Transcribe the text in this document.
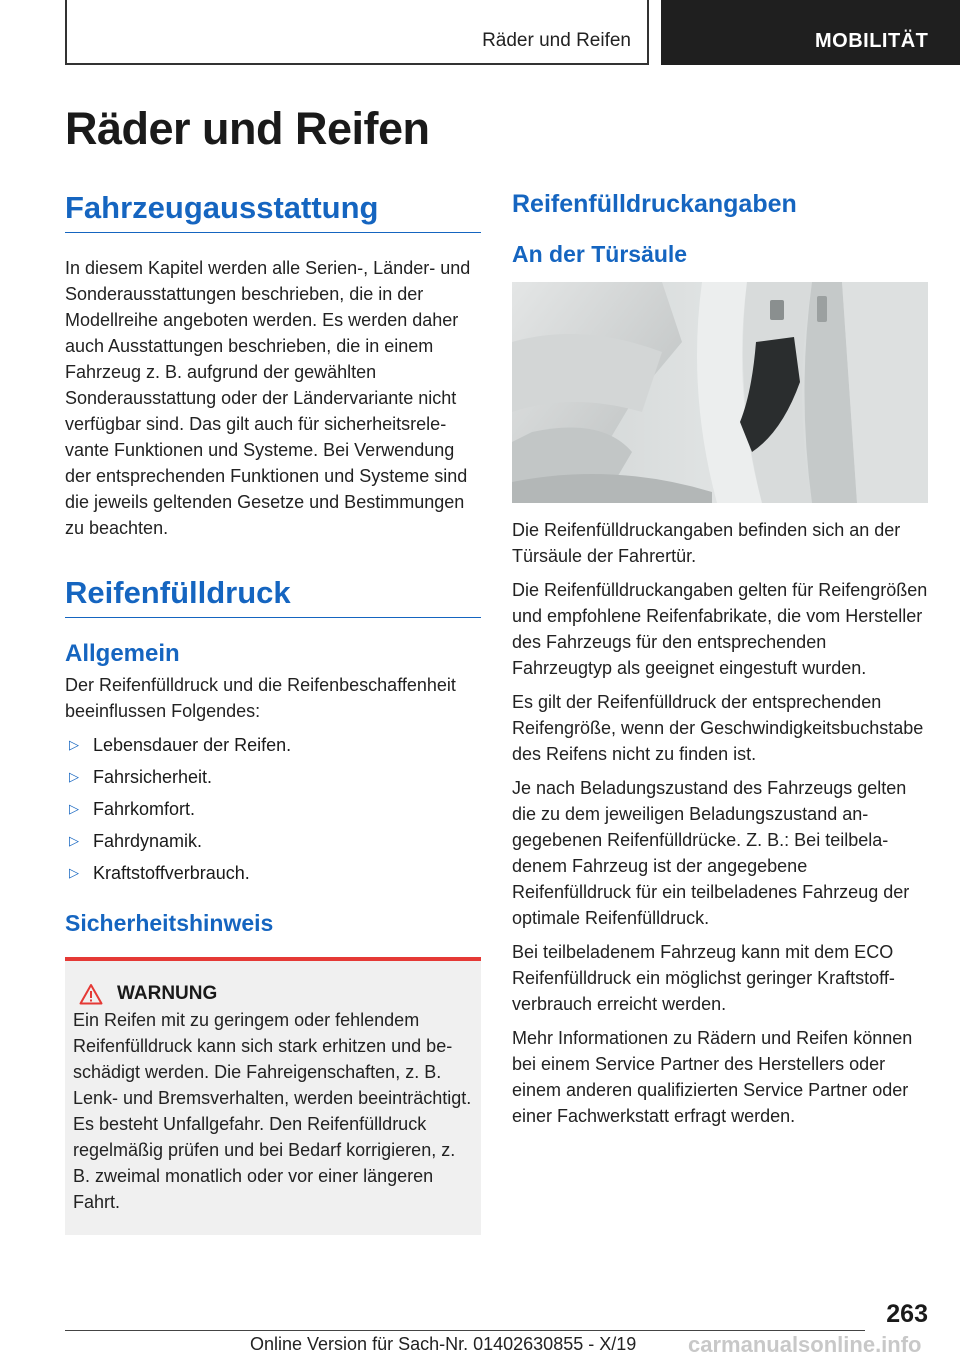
Räder und Reifen	MOBILITÄT
Räder und Reifen
Fahrzeugausstattung

In diesem Kapitel werden alle Serien-, Länder- und Sonderausstattungen beschrieben, die in der Modellreihe angeboten werden. Es werden daher auch Ausstattungen beschrieben, die in einem Fahrzeug z. B. aufgrund der gewählten Sonderausstattung oder der Ländervariante nicht verfügbar sind. Das gilt auch für sicherheitsrelevante Funktionen und Systeme. Bei Verwendung der entsprechenden Funktionen und Systeme sind die jeweils geltenden Gesetze und Bestimmungen zu beachten.

Reifenfülldruck
Allgemein

Der Reifenfülldruck und die Reifenbeschaffenheit beeinflussen Folgendes:

▷ Lebensdauer der Reifen.
▷ Fahrsicherheit.
▷ Fahrkomfort.
▷ Fahrdynamik.
▷ Kraftstoffverbrauch.
Sicherheitshinweis
WARNUNG

Ein Reifen mit zu geringem oder fehlendem Reifenfülldruck kann sich stark erhitzen und beschädigt werden. Die Fahreigenschaften, z. B. Lenk- und Bremsverhalten, werden beeinträchtigt. Es besteht Unfallgefahr. Den Reifenfülldruck regelmäßig prüfen und bei Bedarf korrigieren, z. B. zweimal monatlich oder vor einer längeren Fahrt.

Reifenfülldruckangaben
An der Türsäule

Die Reifenfülldruckangaben befinden sich an der Türsäule der Fahrertür.

Die Reifenfülldruckangaben gelten für Reifengrößen und empfohlene Reifenfabrikate, die vom Hersteller des Fahrzeugs für den entsprechenden Fahrzeugtyp als geeignet eingestuft wurden.

Es gilt der Reifenfülldruck der entsprechenden Reifengröße, wenn der Geschwindigkeitsbuchstabe des Reifens nicht zu finden ist.

Je nach Beladungszustand des Fahrzeugs gelten die zu dem jeweiligen Beladungszustand angegebenen Reifenfülldrücke. Z. B.: Bei teilbeladenem Fahrzeug ist der angegebene Reifenfülldruck für ein teilbeladenes Fahrzeug der optimale Reifenfülldruck.

Bei teilbeladenem Fahrzeug kann mit dem ECO Reifenfülldruck ein möglichst geringer Kraftstoffverbrauch erreicht werden.

Mehr Informationen zu Rädern und Reifen können bei einem Service Partner des Herstellers oder einem anderen qualifizierten Service Partner oder einer Fachwerkstatt erfragt werden.

263
Online Version für Sach-Nr. 01402630855 - X/19 carmanualsonline.info
